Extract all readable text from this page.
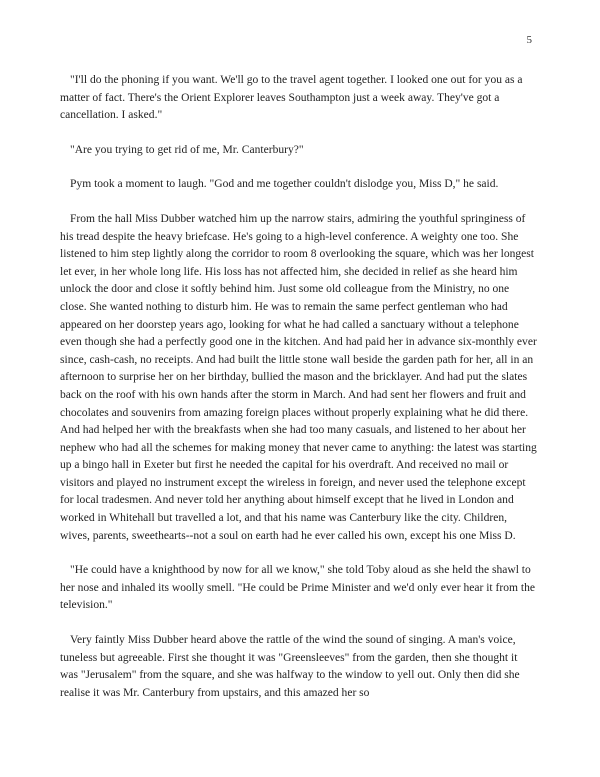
5

"I'll do the phoning if you want. We'll go to the travel agent together. I looked one out for you as a matter of fact. There's the Orient Explorer leaves Southampton just a week away. They've got a cancellation. I asked."

"Are you trying to get rid of me, Mr. Canterbury?"

Pym took a moment to laugh. "God and me together couldn't dislodge you, Miss D," he said.

From the hall Miss Dubber watched him up the narrow stairs, admiring the youthful springiness of his tread despite the heavy briefcase. He's going to a high-level conference. A weighty one too. She listened to him step lightly along the corridor to room 8 overlooking the square, which was her longest let ever, in her whole long life. His loss has not affected him, she decided in relief as she heard him unlock the door and close it softly behind him. Just some old colleague from the Ministry, no one close. She wanted nothing to disturb him. He was to remain the same perfect gentleman who had appeared on her doorstep years ago, looking for what he had called a sanctuary without a telephone even though she had a perfectly good one in the kitchen. And had paid her in advance six-monthly ever since, cash-cash, no receipts. And had built the little stone wall beside the garden path for her, all in an afternoon to surprise her on her birthday, bullied the mason and the bricklayer. And had put the slates back on the roof with his own hands after the storm in March. And had sent her flowers and fruit and chocolates and souvenirs from amazing foreign places without properly explaining what he did there. And had helped her with the breakfasts when she had too many casuals, and listened to her about her nephew who had all the schemes for making money that never came to anything: the latest was starting up a bingo hall in Exeter but first he needed the capital for his overdraft. And received no mail or visitors and played no instrument except the wireless in foreign, and never used the telephone except for local tradesmen. And never told her anything about himself except that he lived in London and worked in Whitehall but travelled a lot, and that his name was Canterbury like the city. Children, wives, parents, sweethearts--not a soul on earth had he ever called his own, except his one Miss D.

"He could have a knighthood by now for all we know," she told Toby aloud as she held the shawl to her nose and inhaled its woolly smell. "He could be Prime Minister and we'd only ever hear it from the television."

Very faintly Miss Dubber heard above the rattle of the wind the sound of singing. A man's voice, tuneless but agreeable. First she thought it was "Greensleeves" from the garden, then she thought it was "Jerusalem" from the square, and she was halfway to the window to yell out. Only then did she realise it was Mr. Canterbury from upstairs, and this amazed her so
